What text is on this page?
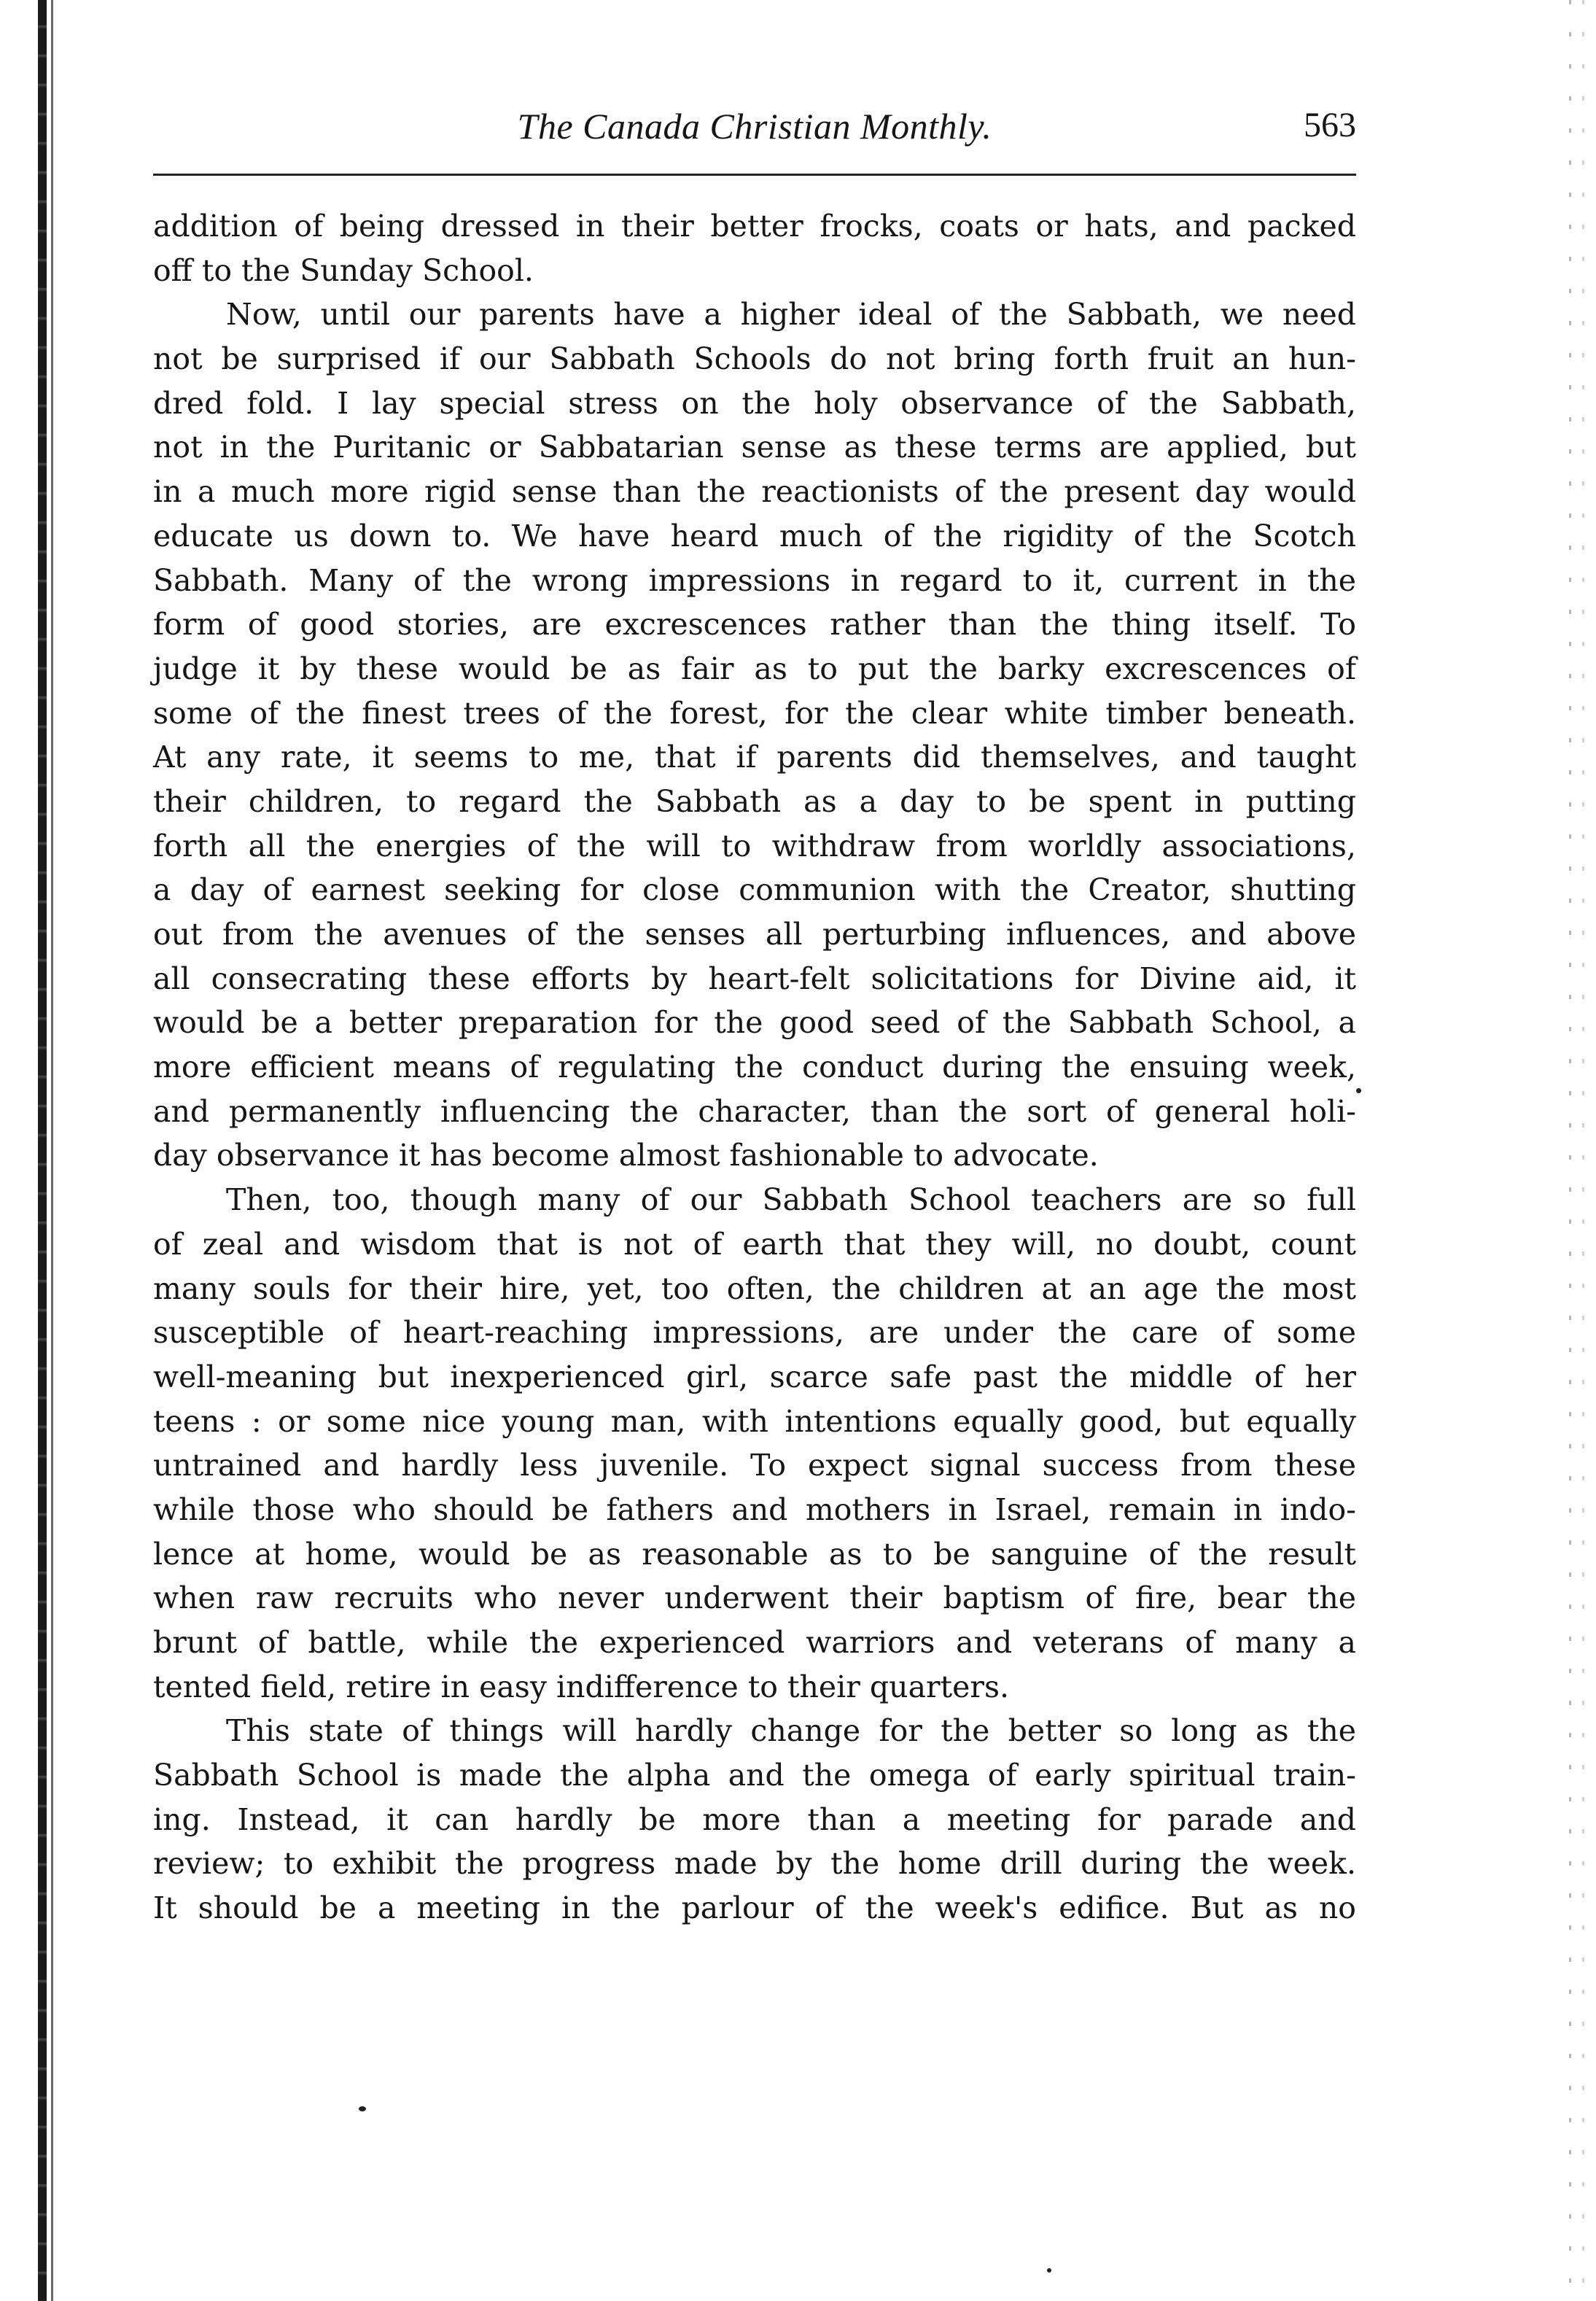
The Canada Christian Monthly.	563
addition of being dressed in their better frocks, coats or hats, and packed
off to the Sunday School.
Now, until our parents have a higher ideal of the Sabbath, we need
not be surprised if our Sabbath Schools do not bring forth fruit an hun-
dred fold. I lay special stress on the holy observance of the Sabbath,
not in the Puritanic or Sabbatarian sense as these terms are applied, but
in a much more rigid sense than the reactionists of the present day would
educate us down to. We have heard much of the rigidity of the Scotch
Sabbath. Many of the wrong impressions in regard to it, current in the
form of good stories, are excrescences rather than the thing itself. To
judge it by these would be as fair as to put the barky excrescences of
some of the finest trees of the forest, for the clear white timber beneath.
At any rate, it seems to me, that if parents did themselves, and taught
their children, to regard the Sabbath as a day to be spent in putting
forth all the energies of the will to withdraw from worldly associations,
a day of earnest seeking for close communion with the Creator, shutting
out from the avenues of the senses all perturbing influences, and above
all consecrating these efforts by heart-felt solicitations for Divine aid, it
would be a better preparation for the good seed of the Sabbath School, a
more efficient means of regulating the conduct during the ensuing week,
and permanently influencing the character, than the sort of general holi-
day observance it has become almost fashionable to advocate.
Then, too, though many of our Sabbath School teachers are so full
of zeal and wisdom that is not of earth that they will, no doubt, count
many souls for their hire, yet, too often, the children at an age the most
susceptible of heart-reaching impressions, are under the care of some
well-meaning but inexperienced girl, scarce safe past the middle of her
teens : or some nice young man, with intentions equally good, but equally
untrained and hardly less juvenile. To expect signal success from these
while those who should be fathers and mothers in Israel, remain in indo-
lence at home, would be as reasonable as to be sanguine of the result
when raw recruits who never underwent their baptism of fire, bear the
brunt of battle, while the experienced warriors and veterans of many a
tented field, retire in easy indifference to their quarters.
This state of things will hardly change for the better so long as the
Sabbath School is made the alpha and the omega of early spiritual train-
ing. Instead, it can hardly be more than a meeting for parade and
review; to exhibit the progress made by the home drill during the week.
It should be a meeting in the parlour of the week's edifice. But as no
